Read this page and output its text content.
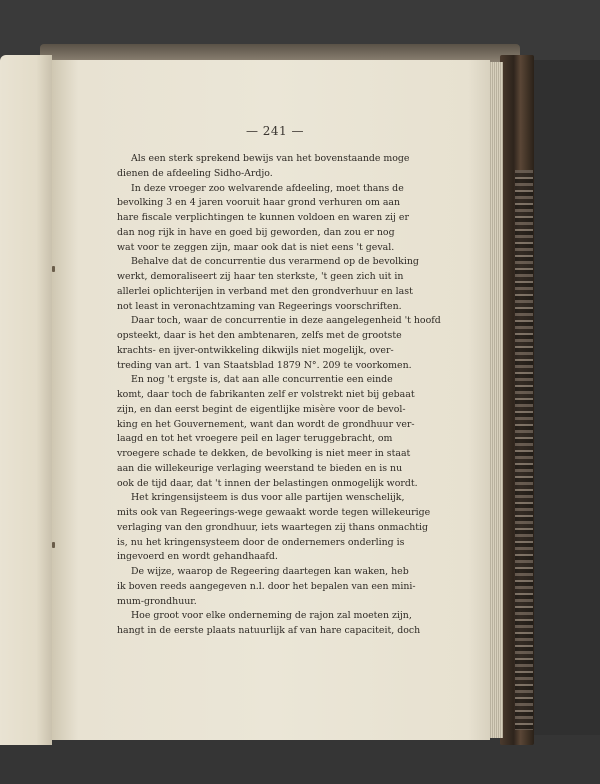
— 241 —
Als een sterk sprekend bewijs van het bovenstaande moge
dienen de afdeeling Sidho-Ardjo.
In deze vroeger zoo welvarende afdeeling, moet thans de
bevolking 3 en 4 jaren vooruit haar grond verhuren om aan
hare fiscale verplichtingen te kunnen voldoen en waren zij er
dan nog rijk in have en goed bij geworden, dan zou er nog
wat voor te zeggen zijn, maar ook dat is niet eens 't geval.
Behalve dat de concurrentie dus verarmend op de bevolking
werkt, demoraliseert zij haar ten sterkste, 't geen zich uit in
allerlei oplichterijen in verband met den grondverhuur en last
not least in veronachtzaming van Regeerings voorschriften.
Daar toch, waar de concurrentie in deze aangelegenheid 't hoofd
opsteekt, daar is het den ambtenaren, zelfs met de grootste
krachts- en ijver-ontwikkeling dikwijls niet mogelijk, over-
treding van art. 1 van Staatsblad 1879 N°. 209 te voorkomen.
En nog 't ergste is, dat aan alle concurrentie een einde
komt, daar toch de fabrikanten zelf er volstrekt niet bij gebaat
zijn, en dan eerst begint de eigentlijke misère voor de bevol-
king en het Gouvernement, want dan wordt de grondhuur ver-
laagd en tot het vroegere peil en lager teruggebracht, om
vroegere schade te dekken, de bevolking is niet meer in staat
aan die willekeurige verlaging weerstand te bieden en is nu
ook de tijd daar, dat 't innen der belastingen onmogelijk wordt.
Het kringensijsteem is dus voor alle partijen wenschelijk,
mits ook van Regeerings-wege gewaakt worde tegen willekeurige
verlaging van den grondhuur, iets waartegen zij thans onmachtig
is, nu het kringensysteem door de ondernemers onderling is
ingevoerd en wordt gehandhaafd.
De wijze, waarop de Regeering daartegen kan waken, heb
ik boven reeds aangegeven n.l. door het bepalen van een mini-
mum-grondhuur.
Hoe groot voor elke onderneming de rajon zal moeten zijn,
hangt in de eerste plaats natuurlijk af van hare capaciteit, doch
